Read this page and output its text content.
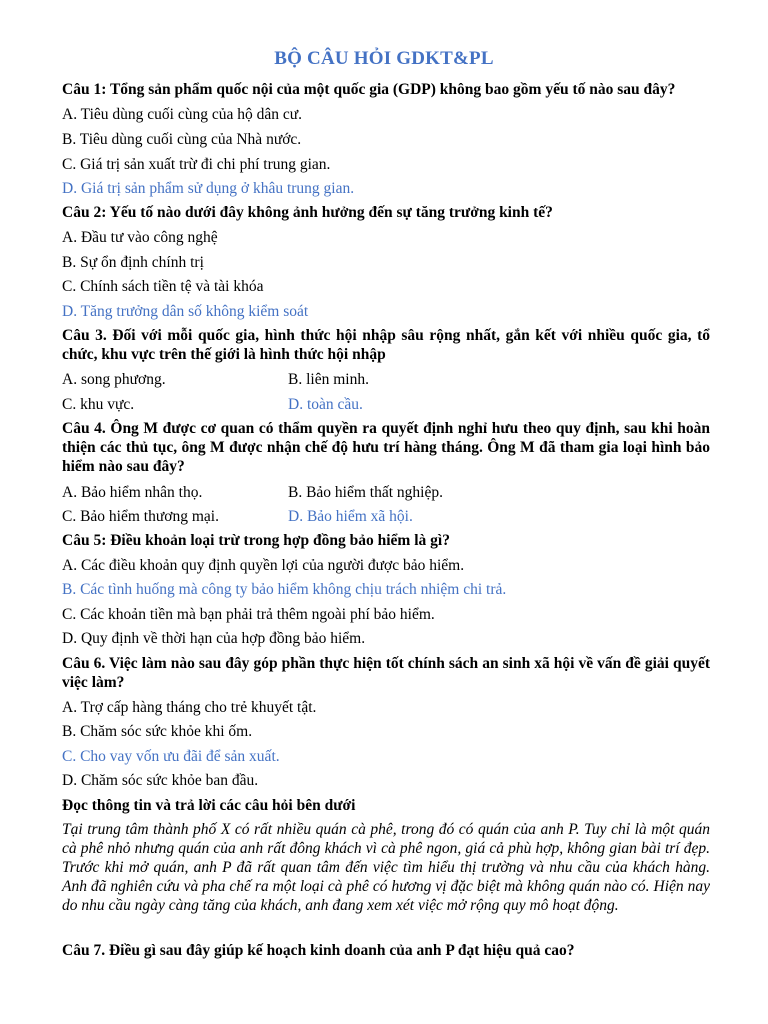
BỘ CÂU HỎI GDKT&PL
Câu 1: Tổng sản phẩm quốc nội của một quốc gia (GDP) không bao gồm yếu tố nào sau đây?
A. Tiêu dùng cuối cùng của hộ dân cư.
B. Tiêu dùng cuối cùng của Nhà nước.
C. Giá trị sản xuất trừ đi chi phí trung gian.
D. Giá trị sản phẩm sử dụng ở khâu trung gian.
Câu 2: Yếu tố nào dưới đây không ảnh hưởng đến sự tăng trưởng kinh tế?
A. Đầu tư vào công nghệ
B. Sự ổn định chính trị
C. Chính sách tiền tệ và tài khóa
D. Tăng trưởng dân số không kiểm soát
Câu 3. Đối với mỗi quốc gia, hình thức hội nhập sâu rộng nhất, gắn kết với nhiều quốc gia, tổ chức, khu vực trên thế giới là hình thức hội nhập
A. song phương.	B. liên minh.
C. khu vực.	D. toàn cầu.
Câu 4. Ông M được cơ quan có thẩm quyền ra quyết định nghỉ hưu theo quy định, sau khi hoàn thiện các thủ tục, ông M được nhận chế độ hưu trí hàng tháng. Ông M đã tham gia loại hình bảo hiểm nào sau đây?
A. Bảo hiểm nhân thọ.	B. Bảo hiểm thất nghiệp.
C. Bảo hiểm thương mại.	D. Bảo hiểm xã hội.
Câu 5: Điều khoản loại trừ trong hợp đồng bảo hiểm là gì?
A. Các điều khoản quy định quyền lợi của người được bảo hiểm.
B. Các tình huống mà công ty bảo hiểm không chịu trách nhiệm chi trả.
C. Các khoản tiền mà bạn phải trả thêm ngoài phí bảo hiểm.
D. Quy định về thời hạn của hợp đồng bảo hiểm.
Câu 6. Việc làm nào sau đây góp phần thực hiện tốt chính sách an sinh xã hội về vấn đề giải quyết việc làm?
A. Trợ cấp hàng tháng cho trẻ khuyết tật.
B. Chăm sóc sức khỏe khi ốm.
C. Cho vay vốn ưu đãi để sản xuất.
D. Chăm sóc sức khỏe ban đầu.
Đọc thông tin và trả lời các câu hỏi bên dưới
Tại trung tâm thành phố X có rất nhiều quán cà phê, trong đó có quán của anh P. Tuy chỉ là một quán cà phê nhỏ nhưng quán của anh rất đông khách vì cà phê ngon, giá cả phù hợp, không gian bài trí đẹp. Trước khi mở quán, anh P đã rất quan tâm đến việc tìm hiểu thị trường và nhu cầu của khách hàng. Anh đã nghiên cứu và pha chế ra một loại cà phê có hương vị đặc biệt mà không quán nào có. Hiện nay do nhu cầu ngày càng tăng của khách, anh đang xem xét việc mở rộng quy mô hoạt động.
Câu 7. Điều gì sau đây giúp kế hoạch kinh doanh của anh P đạt hiệu quả cao?
